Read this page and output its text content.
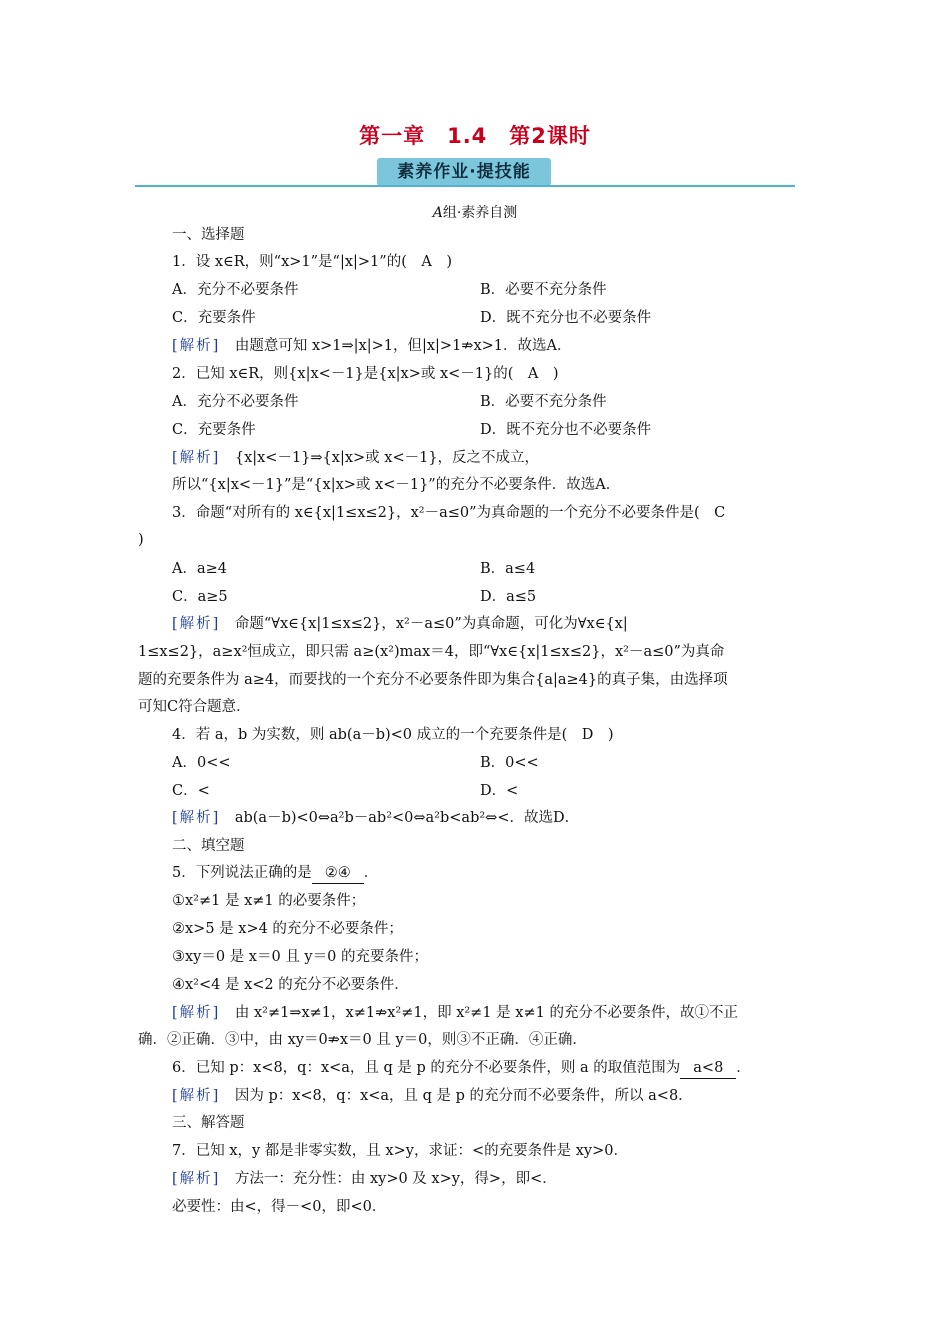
第一章　1.4　第2课时
素养作业·提技能
A组·素养自测
一、选择题
1．设 x∈R，则“x>1”是“|x|>1”的(　A　)
A．充分不必要条件	B．必要不充分条件
C．充要条件	D．既不充分也不必要条件
[ 解析 ]　由题意可知 x>1⇒|x|>1，但|x|>1⇏x>1．故选A．
2．已知 x∈R，则{x|x<－1}是{x|x>或 x<－1}的(　A　)
A．充分不必要条件	B．必要不充分条件
C．充要条件	D．既不充分也不必要条件
[ 解析 ]　{x|x<－1}⇒{x|x>或 x<－1}，反之不成立，
所以“{x|x<－1}”是“{x|x>或 x<－1}”的充分不必要条件．故选A．
3．命题“对所有的 x∈{x|1≤x≤2}，x²－a≤0”为真命题的一个充分不必要条件是(　C
)
A．a≥4	B．a≤4
C．a≥5	D．a≤5
[ 解析 ]　命题“∀x∈{x|1≤x≤2}，x²－a≤0”为真命题，可化为∀x∈{x|
1≤x≤2}，a≥x²恒成立，即只需 a≥(x²)max＝4，即“∀x∈{x|1≤x≤2}，x²－a≤0”为真命
题的充要条件为 a≥4，而要找的一个充分不必要条件即为集合{a|a≥4}的真子集，由选择项
可知C符合题意．
4．若 a，b 为实数，则 ab(a－b)<0 成立的一个充要条件是(　D　)
A．0<<	B．0<<
C．<	D．<
[ 解析 ]　ab(a－b)<0⇔a²b－ab²<0⇔a²b<ab²⇔<．故选D．
二、填空题
5．下列说法正确的是 ②④ ．
①x²≠1 是 x≠1 的必要条件；
②x>5 是 x>4 的充分不必要条件；
③xy＝0 是 x＝0 且 y＝0 的充要条件；
④x²<4 是 x<2 的充分不必要条件．
[ 解析 ]　由 x²≠1⇒x≠1，x≠1⇏x²≠1，即 x²≠1 是 x≠1 的充分不必要条件，故①不正
确．②正确．③中，由 xy＝0⇏x＝0 且 y＝0，则③不正确．④正确．
6．已知 p：x<8，q：x<a，且 q 是 p 的充分不必要条件，则 a 的取值范围为 a<8 ．
[ 解析 ]　因为 p：x<8，q：x<a，且 q 是 p 的充分而不必要条件，所以 a<8．
三、解答题
7．已知 x，y 都是非零实数，且 x>y，求证：<的充要条件是 xy>0．
[ 解析 ]　方法一：充分性：由 xy>0 及 x>y，得>，即<．
必要性：由<，得－<0，即<0．
